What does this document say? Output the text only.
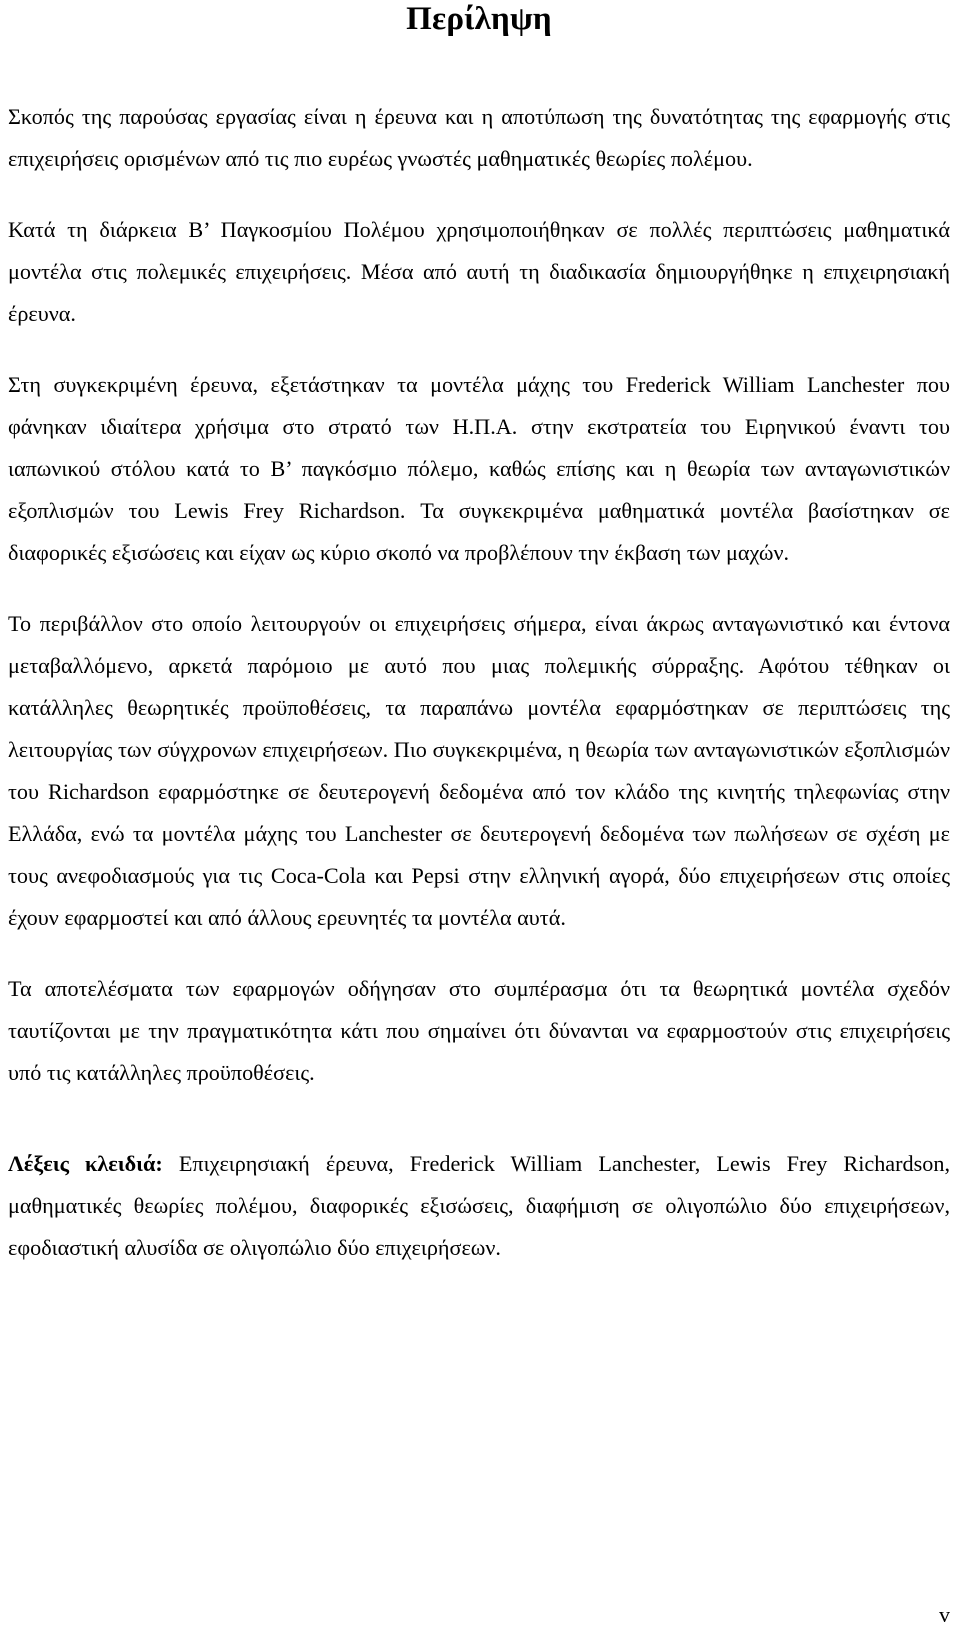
Περίληψη

Σκοπός της παρούσας εργασίας είναι η έρευνα και η αποτύπωση της δυνατότητας της εφαρμογής στις επιχειρήσεις ορισμένων από τις πιο ευρέως γνωστές μαθηματικές θεωρίες πολέμου.

Κατά τη διάρκεια Β’ Παγκοσμίου Πολέμου χρησιμοποιήθηκαν σε πολλές περιπτώσεις μαθηματικά μοντέλα στις πολεμικές επιχειρήσεις. Μέσα από αυτή τη διαδικασία δημιουργήθηκε η επιχειρησιακή έρευνα.

Στη συγκεκριμένη έρευνα, εξετάστηκαν τα μοντέλα μάχης του Frederick William Lanchester που φάνηκαν ιδιαίτερα χρήσιμα στο στρατό των Η.Π.Α. στην εκστρατεία του Ειρηνικού έναντι του ιαπωνικού στόλου κατά το Β’ παγκόσμιο πόλεμο, καθώς επίσης και η θεωρία των ανταγωνιστικών εξοπλισμών του Lewis Frey Richardson. Τα συγκεκριμένα μαθηματικά μοντέλα βασίστηκαν σε διαφορικές εξισώσεις και είχαν ως κύριο σκοπό να προβλέπουν την έκβαση των μαχών.

Το περιβάλλον στο οποίο λειτουργούν οι επιχειρήσεις σήμερα, είναι άκρως ανταγωνιστικό και έντονα μεταβαλλόμενο, αρκετά παρόμοιο με αυτό που μιας πολεμικής σύρραξης. Αφότου τέθηκαν οι κατάλληλες θεωρητικές προϋποθέσεις, τα παραπάνω μοντέλα εφαρμόστηκαν σε περιπτώσεις της λειτουργίας των σύγχρονων επιχειρήσεων. Πιο συγκεκριμένα, η θεωρία των ανταγωνιστικών εξοπλισμών του Richardson εφαρμόστηκε σε δευτερογενή δεδομένα από τον κλάδο της κινητής τηλεφωνίας στην Ελλάδα, ενώ τα μοντέλα μάχης του Lanchester σε δευτερογενή δεδομένα των πωλήσεων σε σχέση με τους ανεφοδιασμούς για τις Coca-Cola και Pepsi στην ελληνική αγορά, δύο επιχειρήσεων στις οποίες έχουν εφαρμοστεί και από άλλους ερευνητές τα μοντέλα αυτά.

Τα αποτελέσματα των εφαρμογών οδήγησαν στο συμπέρασμα ότι τα θεωρητικά μοντέλα σχεδόν ταυτίζονται με την πραγματικότητα κάτι που σημαίνει ότι δύνανται να εφαρμοστούν στις επιχειρήσεις υπό τις κατάλληλες προϋποθέσεις.

Λέξεις κλειδιά: Επιχειρησιακή έρευνα, Frederick William Lanchester, Lewis Frey Richardson, μαθηματικές θεωρίες πολέμου, διαφορικές εξισώσεις, διαφήμιση σε ολιγοπώλιο δύο επιχειρήσεων, εφοδιαστική αλυσίδα σε ολιγοπώλιο δύο επιχειρήσεων.

v
